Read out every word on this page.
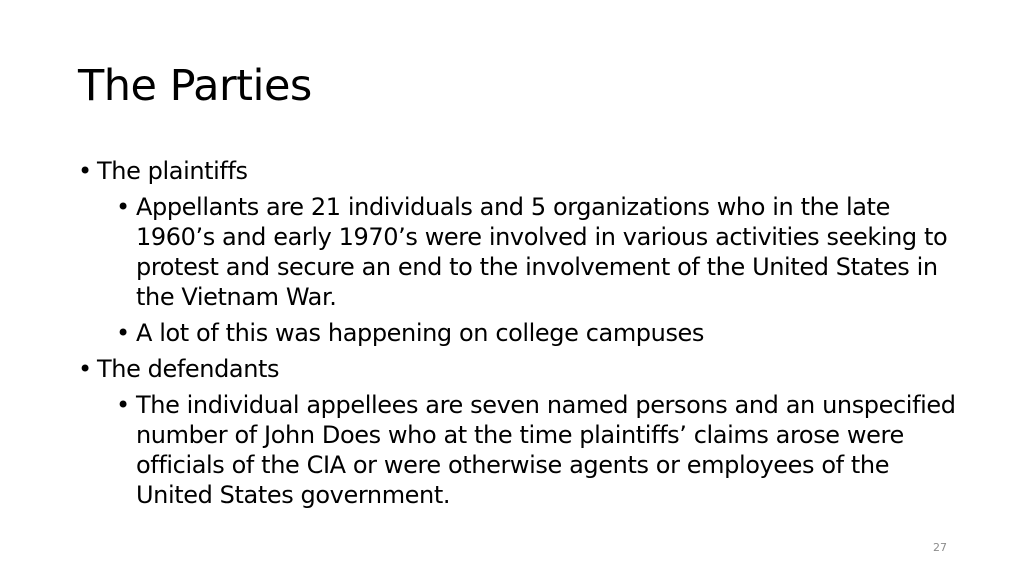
The Parties
• The plaintiffs
• Appellants are 21 individuals and 5 organizations who in the late 1960’s and early 1970’s were involved in various activities seeking to protest and secure an end to the involvement of the United States in the Vietnam War.
• A lot of this was happening on college campuses
• The defendants
• The individual appellees are seven named persons and an unspecified number of John Does who at the time plaintiffs’ claims arose were officials of the CIA or were otherwise agents or employees of the United States government.
27
